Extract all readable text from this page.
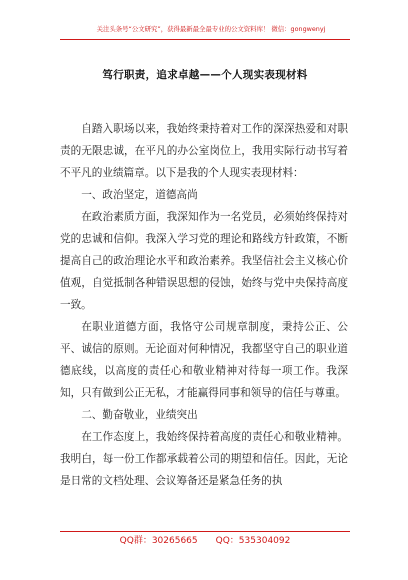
关注头条号“公文研究”，获得最新最全最专业的公文资料库！ 微信：gongwenyj
笃行职责，追求卓越——个人现实表现材料

自踏入职场以来，我始终秉持着对工作的深深热爱和对职责的无限忠诚，在平凡的办公室岗位上，我用实际行动书写着不平凡的业绩篇章。以下是我的个人现实表现材料：

一、政治坚定，道德高尚

在政治素质方面，我深知作为一名党员，必须始终保持对党的忠诚和信仰。我深入学习党的理论和路线方针政策，不断提高自己的政治理论水平和政治素养。我坚信社会主义核心价值观，自觉抵制各种错误思想的侵蚀，始终与党中央保持高度一致。

在职业道德方面，我恪守公司规章制度，秉持公正、公平、诚信的原则。无论面对何种情况，我都坚守自己的职业道德底线，以高度的责任心和敬业精神对待每一项工作。我深知，只有做到公正无私，才能赢得同事和领导的信任与尊重。

二、勤奋敬业，业绩突出

在工作态度上，我始终保持着高度的责任心和敬业精神。我明白，每一份工作都承载着公司的期望和信任。因此，无论是日常的文档处理、会议筹备还是紧急任务的执

QQ群：30265665 QQ：535304092
